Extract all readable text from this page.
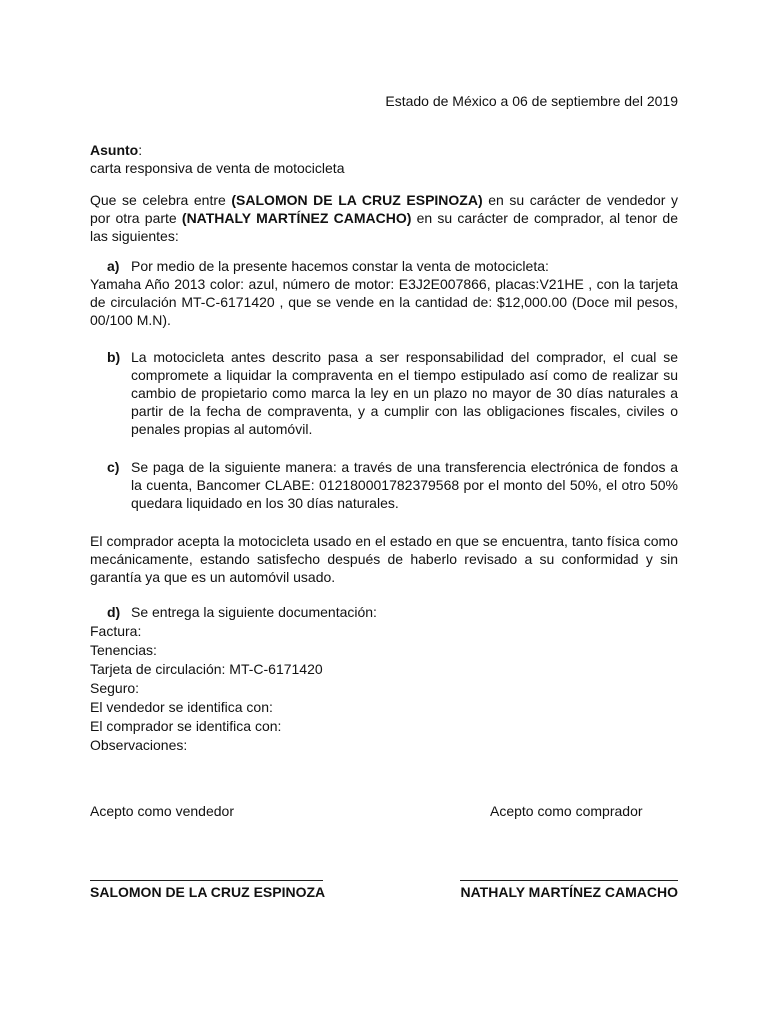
Estado de México a 06 de septiembre del 2019
Asunto:
carta responsiva de venta de motocicleta
Que se celebra entre (SALOMON DE LA CRUZ ESPINOZA) en su carácter de vendedor y por otra parte (NATHALY MARTÍNEZ CAMACHO) en su carácter de comprador, al tenor de las siguientes:
a) Por medio de la presente hacemos constar la venta de motocicleta:
Yamaha Año 2013 color: azul, número de motor: E3J2E007866, placas:V21HE , con la tarjeta de circulación MT-C-6171420 , que se vende en la cantidad de: $12,000.00 (Doce mil pesos, 00/100 M.N).
b) La motocicleta antes descrito pasa a ser responsabilidad del comprador, el cual se compromete a liquidar la compraventa en el tiempo estipulado así como de realizar su cambio de propietario como marca la ley en un plazo no mayor de 30 días naturales a partir de la fecha de compraventa, y a cumplir con las obligaciones fiscales, civiles o penales propias al automóvil.
c) Se paga de la siguiente manera: a través de una transferencia electrónica de fondos a la cuenta, Bancomer CLABE: 012180001782379568 por el monto del 50%, el otro 50% quedara liquidado en los 30 días naturales.
El comprador acepta la motocicleta usado en el estado en que se encuentra, tanto física como mecánicamente, estando satisfecho después de haberlo revisado a su conformidad y sin garantía ya que es un automóvil usado.
d) Se entrega la siguiente documentación:
Factura:
Tenencias:
Tarjeta de circulación: MT-C-6171420
Seguro:
El vendedor se identifica con:
El comprador se identifica con:
Observaciones:
Acepto como vendedor	Acepto como comprador
SALOMON DE LA CRUZ ESPINOZA	NATHALY MARTÍNEZ CAMACHO
